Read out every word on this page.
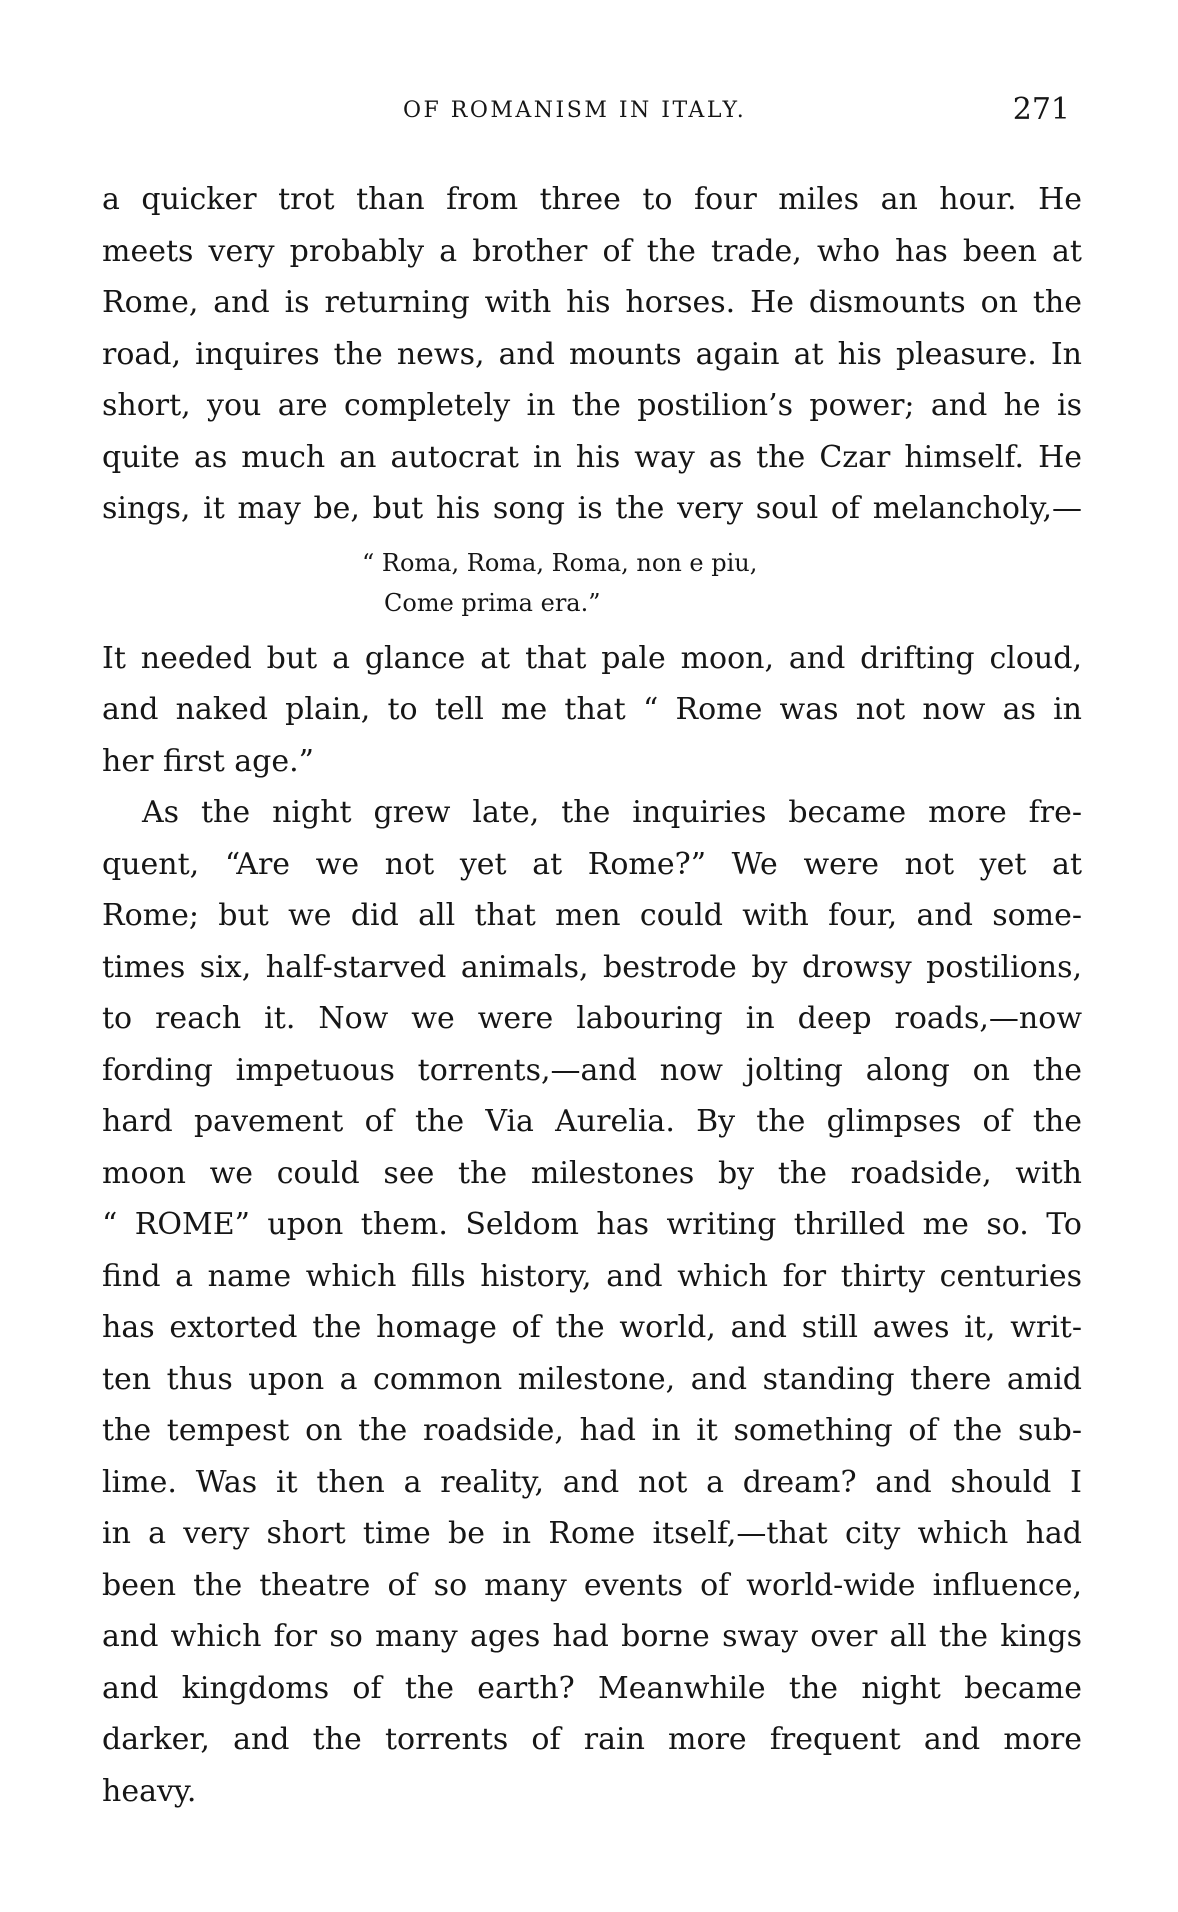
OF ROMANISM IN ITALY.	271
a quicker trot than from three to four miles an hour. He
meets very probably a brother of the trade, who has been at
Rome, and is returning with his horses. He dismounts on the
road, inquires the news, and mounts again at his pleasure. In
short, you are completely in the postilion’s power; and he is
quite as much an autocrat in his way as the Czar himself. He
sings, it may be, but his song is the very soul of melancholy,—
“ Roma, Roma, Roma, non e piu,
Come prima era.”
It needed but a glance at that pale moon, and drifting cloud,
and naked plain, to tell me that “ Rome was not now as in
her first age.”
As the night grew late, the inquiries became more fre-
quent, “Are we not yet at Rome?” We were not yet at
Rome; but we did all that men could with four, and some-
times six, half-starved animals, bestrode by drowsy postilions,
to reach it. Now we were labouring in deep roads,—now
fording impetuous torrents,—and now jolting along on the
hard pavement of the Via Aurelia. By the glimpses of the
moon we could see the milestones by the roadside, with
“ ROME” upon them. Seldom has writing thrilled me so. To
find a name which fills history, and which for thirty centuries
has extorted the homage of the world, and still awes it, writ-
ten thus upon a common milestone, and standing there amid
the tempest on the roadside, had in it something of the sub-
lime. Was it then a reality, and not a dream? and should I
in a very short time be in Rome itself,—that city which had
been the theatre of so many events of world-wide influence,
and which for so many ages had borne sway over all the kings
and kingdoms of the earth? Meanwhile the night became
darker, and the torrents of rain more frequent and more
heavy.
